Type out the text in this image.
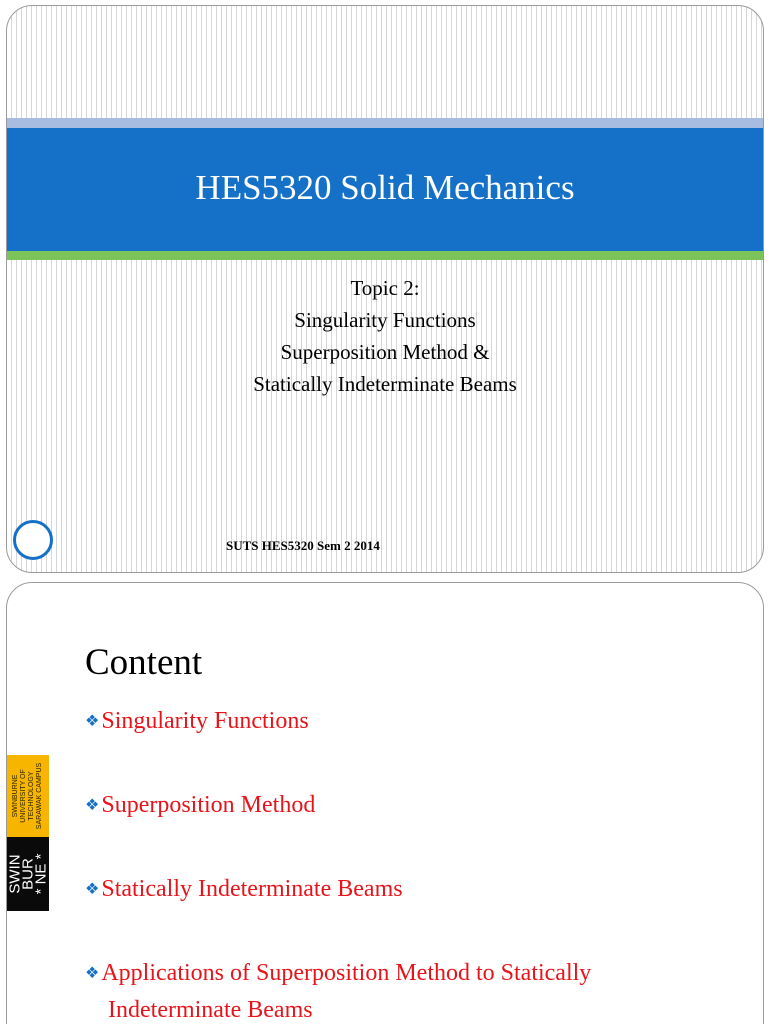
HES5320 Solid Mechanics
Topic 2:
Singularity Functions
Superposition Method &
Statically Indeterminate Beams
SUTS HES5320 Sem 2 2014
Content
❖Singularity Functions
❖Superposition Method
❖Statically Indeterminate Beams
❖Applications of Superposition Method to Statically
Indeterminate Beams
SWINBURNE UNIVERSITY OF TECHNOLOGY SARAWAK CAMPUS
SWIN
BUR
* NE *
